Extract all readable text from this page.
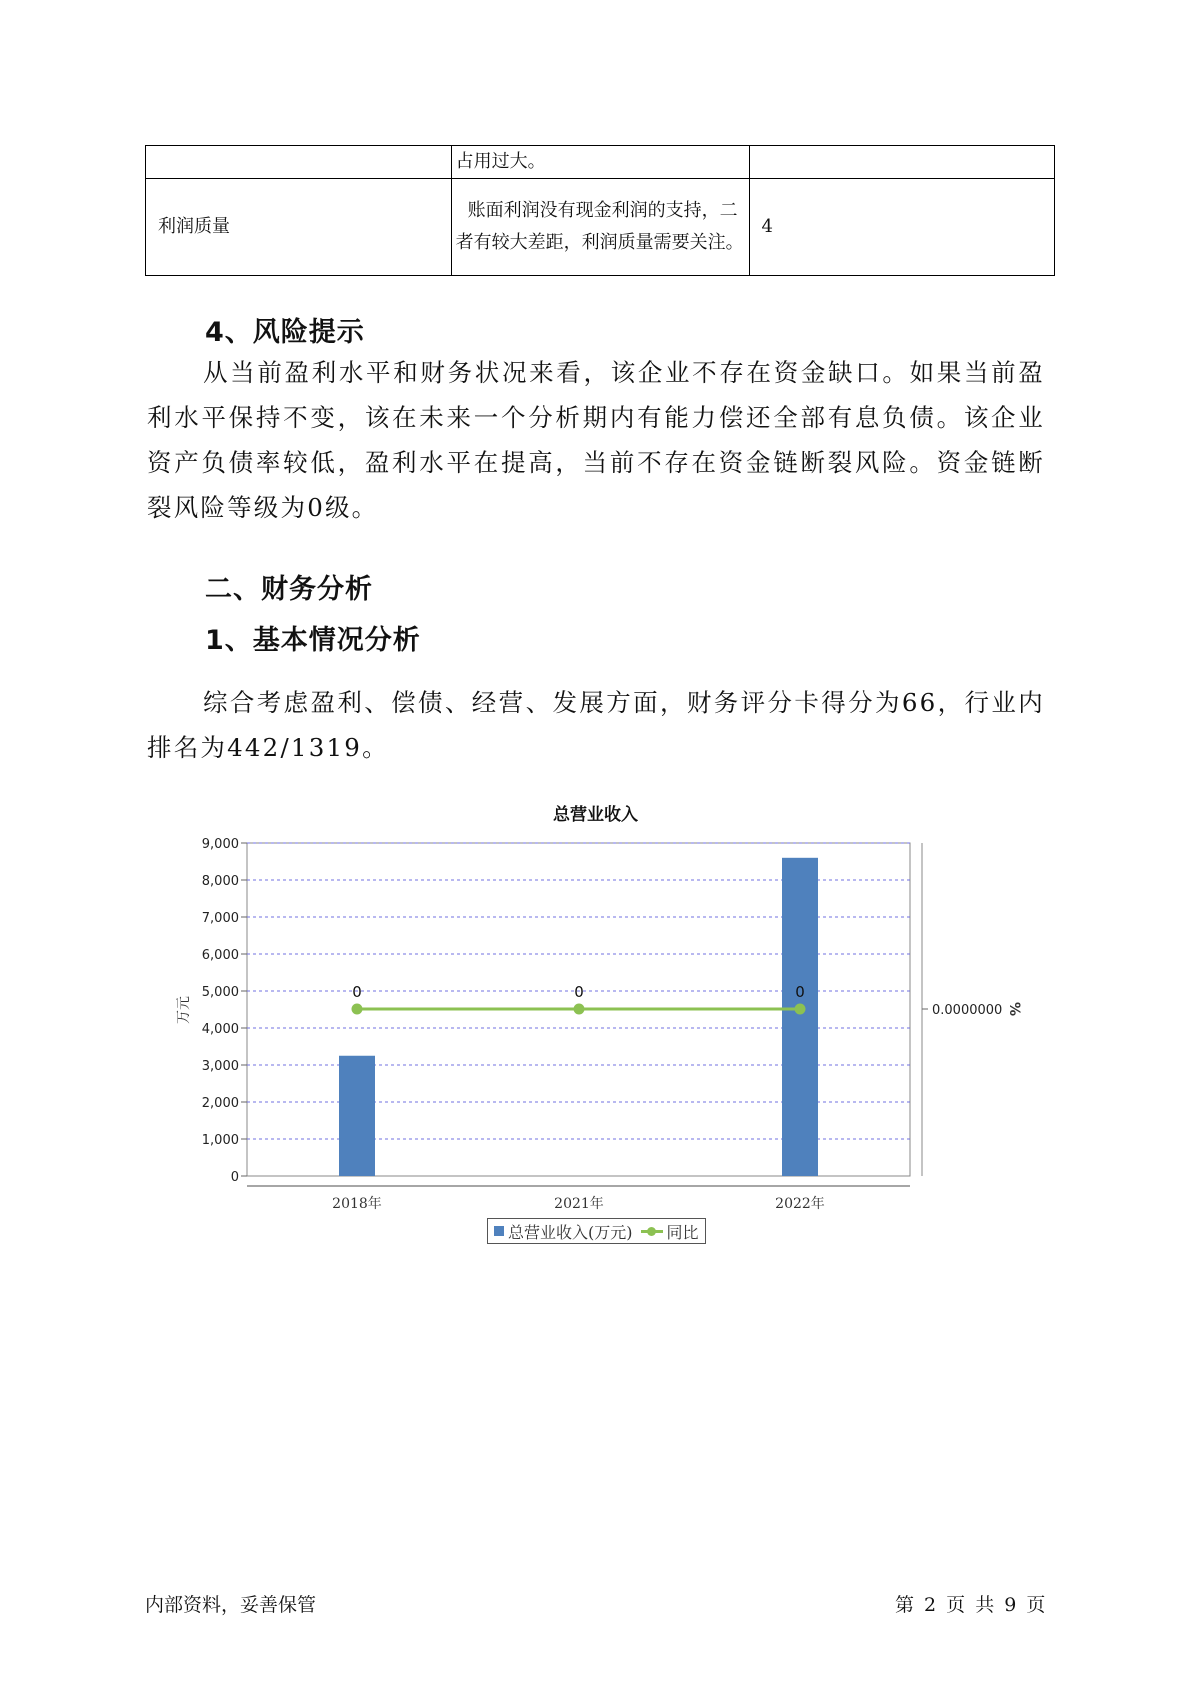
	占用过大。	
利润质量	账面利润没有现金利润的支持，二者有较大差距，利润质量需要关注。	4
4、风险提示
从当前盈利水平和财务状况来看，该企业不存在资金缺口。如果当前盈利水平保持不变，该在未来一个分析期内有能力偿还全部有息负债。该企业资产负债率较低，盈利水平在提高，当前不存在资金链断裂风险。资金链断裂风险等级为0级。
二、财务分析
1、基本情况分析
综合考虑盈利、偿债、经营、发展方面，财务评分卡得分为66，行业内排名为442/1319。
总营业收入
0
1,000
2,000
3,000
4,000
5,000
6,000
7,000
8,000
9,000
万元
2018年	2021年	2022年
0	0	0
0.0000000 %
总营业收入(万元) 同比
内部资料，妥善保管	第 2 页 共 9 页
